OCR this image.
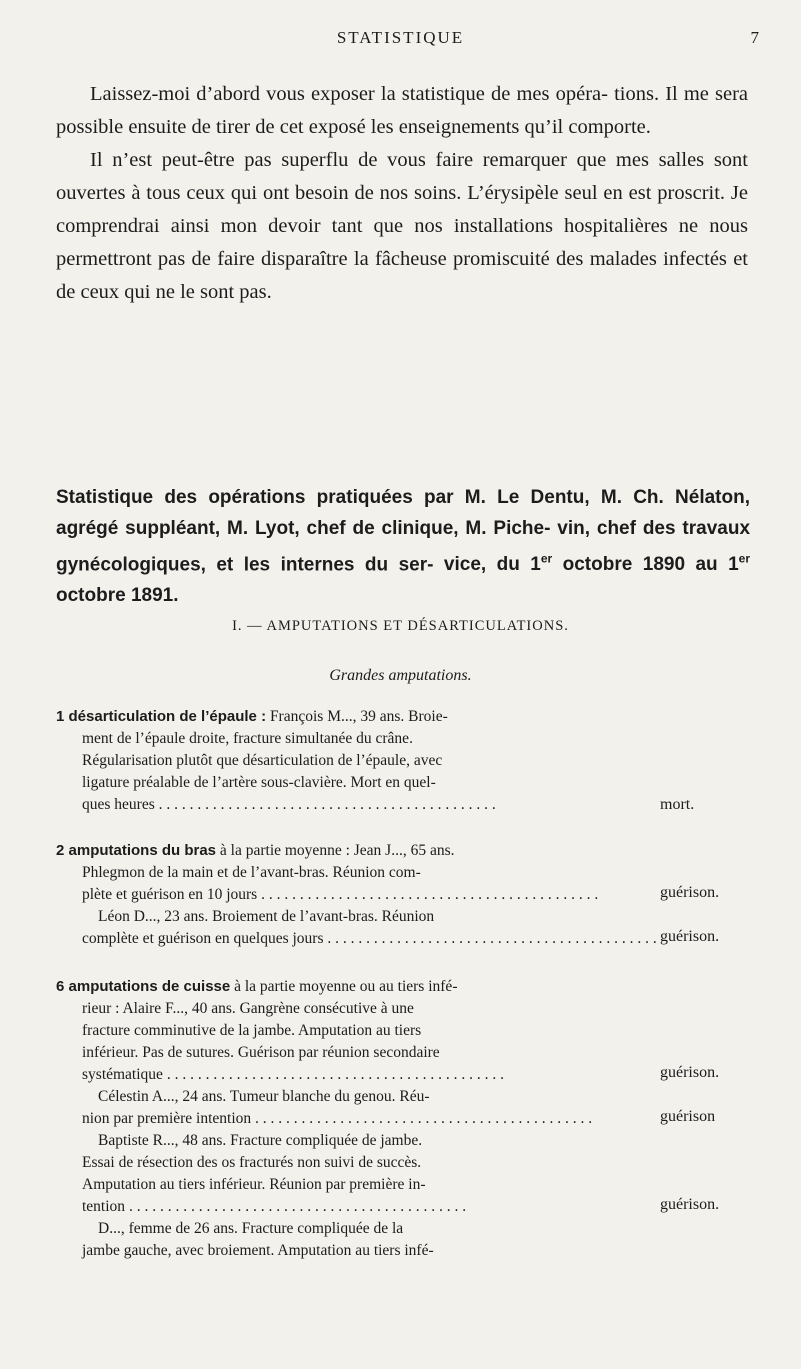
STATISTIQUE	7

Laissez-moi d’abord vous exposer la statistique de mes opéra- tions. Il me sera possible ensuite de tirer de cet exposé les enseignements qu’il comporte.

Il n’est peut-être pas superflu de vous faire remarquer que mes salles sont ouvertes à tous ceux qui ont besoin de nos soins. L’érysipèle seul en est proscrit. Je comprendrai ainsi mon devoir tant que nos installations hospitalières ne nous permettront pas de faire disparaître la fâcheuse promiscuité des malades infectés et de ceux qui ne le sont pas.

Statistique des opérations pratiquées par M. Le Dentu, M. Ch. Nélaton, agrégé suppléant, M. Lyot, chef de clinique, M. Piche- vin, chef des travaux gynécologiques, et les internes du ser- vice, du 1er octobre 1890 au 1er octobre 1891.
I. — AMPUTATIONS ET DÉSARTICULATIONS.
Grandes amputations.
1 désarticulation de l’épaule : François M..., 39 ans. Broie-
ment de l’épaule droite, fracture simultanée du crâne.
Régularisation plutôt que désarticulation de l’épaule, avec
ligature préalable de l’artère sous-clavière. Mort en quel-
ques heures . . .	mort.
2 amputations du bras à la partie moyenne : Jean J..., 65 ans.
Phlegmon de la main et de l’avant-bras. Réunion com-
plète et guérison en 10 jours . . .
Léon D..., 23 ans. Broiement de l’avant-bras. Réunion
complète et guérison en quelques jours . . .
guérison.
guérison.
6 amputations de cuisse à la partie moyenne ou au tiers infé-
rieur : Alaire F..., 40 ans. Gangrène consécutive à une
fracture comminutive de la jambe. Amputation au tiers
inférieur. Pas de sutures. Guérison par réunion secondaire
systématique . . .
Célestin A..., 24 ans. Tumeur blanche du genou. Réu-
nion par première intention . . .
Baptiste R..., 48 ans. Fracture compliquée de jambe.
Essai de résection des os fracturés non suivi de succès.
Amputation au tiers inférieur. Réunion par première in-
tention . . .
D..., femme de 26 ans. Fracture compliquée de la
jambe gauche, avec broiement. Amputation au tiers infé-
guérison.
guérison
guérison.
